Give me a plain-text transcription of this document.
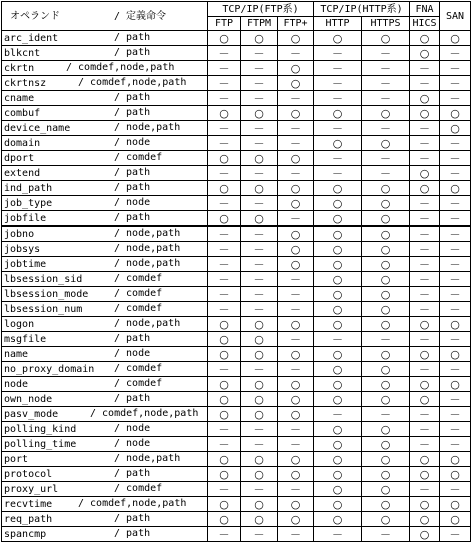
オペランド / 定義命令	TCP/IP(FTP系)			TCP/IP(HTTP系)		FNA	SAN
	FTP	FTPM	FTP+	HTTP	HTTPS	HICS	
arc_ident / path	○	○	○	○	○	○	○
blkcnt / path	－	－	－	－	－	○	－
ckrtn / comdef,node,path	－	－	○	－	－	－	－
ckrtnsz / comdef,node,path	－	－	○	－	－	－	－
cname / path	－	－	－	－	－	○	－
combuf / path	○	○	○	○	○	○	○
device_name / node,path	－	－	－	－	－	－	○
domain / node	－	－	－	○	○	－	－
dport / comdef	○	○	○	－	－	－	－
extend / path	－	－	－	－	－	○	－
ind_path / path	○	○	○	○	○	○	○
job_type / node	－	－	○	○	○	－	－
jobfile / path	○	○	－	○	○	－	－
jobno / node,path	－	－	○	○	○	－	－
jobsys / node,path	－	－	○	○	○	－	－
jobtime / node,path	－	－	○	○	○	－	－
lbsession_sid / comdef	－	－	－	○	○	－	－
lbsession_mode / comdef	－	－	－	○	○	－	－
lbsession_num / comdef	－	－	－	○	○	－	－
logon / node,path	○	○	○	○	○	○	○
msgfile / path	○	○	－	－	－	－	－
name / node	○	○	○	○	○	○	○
no_proxy_domain / comdef	－	－	－	○	○	－	－
node / comdef	○	○	○	○	○	○	○
own_node / path	○	○	○	○	○	○	－
pasv_mode / comdef,node,path	○	○	○	－	－	－	－
polling_kind / node	－	－	－	○	○	－	－
polling_time / node	－	－	－	○	○	－	－
port / node,path	○	○	○	○	○	○	○
protocol / path	○	○	○	○	○	○	○
proxy_url / comdef	－	－	－	○	○	－	－
recvtime / comdef,node,path	○	○	○	○	○	○	○
req_path / path	○	○	○	○	○	○	○
spancmp / path	－	－	－	－	－	○	－
